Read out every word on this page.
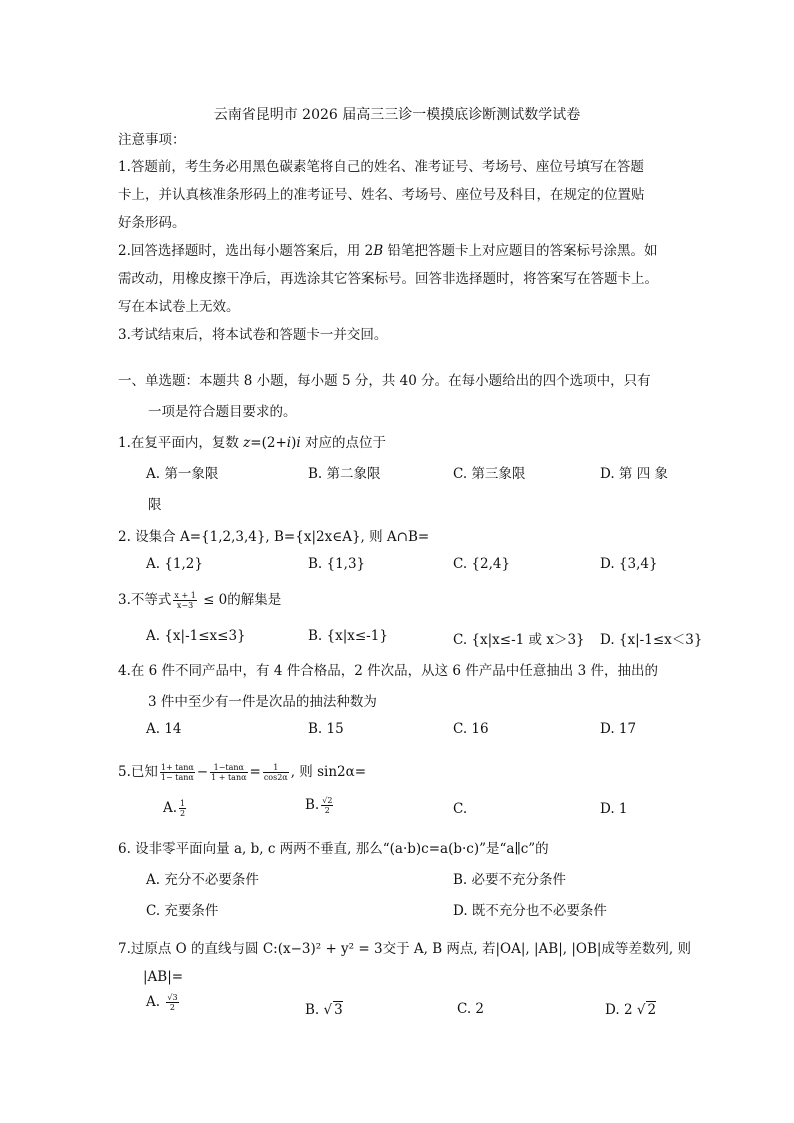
云南省昆明市 2026 届高三三诊一模摸底诊断测试数学试卷
注意事项：
1.答题前，考生务必用黑色碳素笔将自己的姓名、准考证号、考场号、座位号填写在答题
卡上，并认真核准条形码上的准考证号、姓名、考场号、座位号及科目，在规定的位置贴
好条形码。
2.回答选择题时，选出每小题答案后，用 2B 铅笔把答题卡上对应题目的答案标号涂黑。如
需改动，用橡皮擦干净后，再选涂其它答案标号。回答非选择题时，将答案写在答题卡上。
写在本试卷上无效。
3.考试结束后，将本试卷和答题卡一并交回。
一、单选题：本题共 8 小题，每小题 5 分，共 40 分。在每小题给出的四个选项中，只有
一项是符合题目要求的。
1.在复平面内，复数 z=(2+i)i 对应的点位于
A. 第一象限	B. 第二象限	C. 第三象限	D. 第 四 象
限
2. 设集合 A={1,2,3,4}, B={x|2x∈A}, 则 A∩B=
A. {1,2}	B. {1,3}	C. {2,4}	D. {3,4}
3.不等式 $\frac{x + 1}{x-3} \le 0$的解集是
A. {x|-1≤x≤3}	B. {x|x≤-1}	C. {x|x≤-1 或 x＞3} D. {x|-1≤x＜3}
4.在 6 件不同产品中，有 4 件合格品，2 件次品，从这 6 件产品中任意抽出 3 件，抽出的
3 件中至少有一件是次品的抽法种数为
A. 14	B. 15	C. 16	D. 17
5.已知 $\frac{1+ \tan\alpha}{1- \tan\alpha} - \frac{1-\tan\alpha}{1 + \tan\alpha} = \frac{1}{\cos 2\alpha}$ , 则 sin2α=
A. $\frac{1}{2}$	B. $\frac{√2}{2}$	C.	D. 1
6. 设非零平面向量 a, b, c 两两不垂直, 那么“(a·b)c=a(b·c)”是“a∥c”的
A. 充分不必要条件	B. 必要不充分条件
C. 充要条件	D. 既不充分也不必要条件
7.过原点 O 的直线与圆 C:(x−3)² + y² = 3交于 A, B 两点, 若|OA|, |AB|, |OB|成等差数列, 则
|AB|=
A. $\frac{√3}{2}$	B. √ 3	C. 2	D. 2 √ 2
